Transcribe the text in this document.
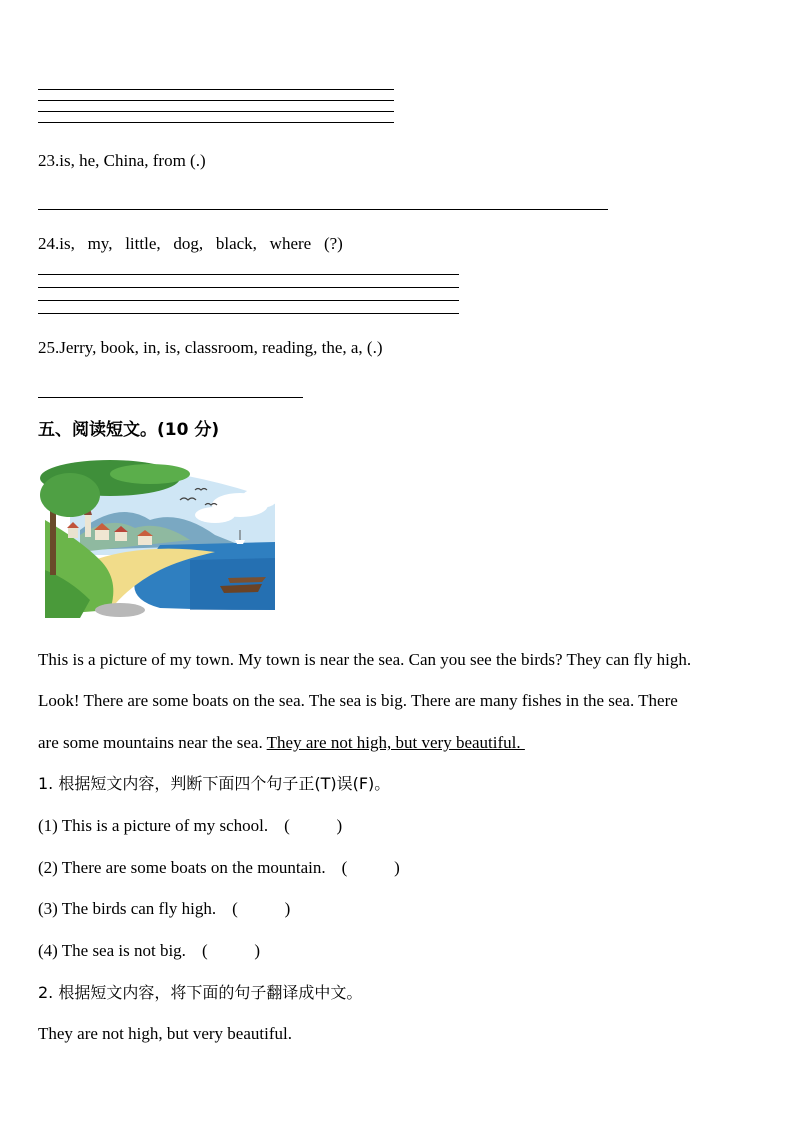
23.is, he, China, from (.)
24.is,   my,   little,   dog,   black,   where   (?)
25.Jerry, book, in, is, classroom, reading, the, a, (.)
五、阅读短文。(10 分)
This is a picture of my town. My town is near the sea. Can you see the birds? They can fly high.
Look! There are some boats on the sea. The sea is big. There are many fishes in the sea. There
are some mountains near the sea. They are not high, but very beautiful.
1. 根据短文内容，判断下面四个句子正(T)误(F)。
(1) This is a picture of my school. (           )
(2) There are some boats on the mountain. (           )
(3) The birds can fly high. (           )
(4) The sea is not big. (           )
2. 根据短文内容，将下面的句子翻译成中文。
They are not high, but very beautiful.
